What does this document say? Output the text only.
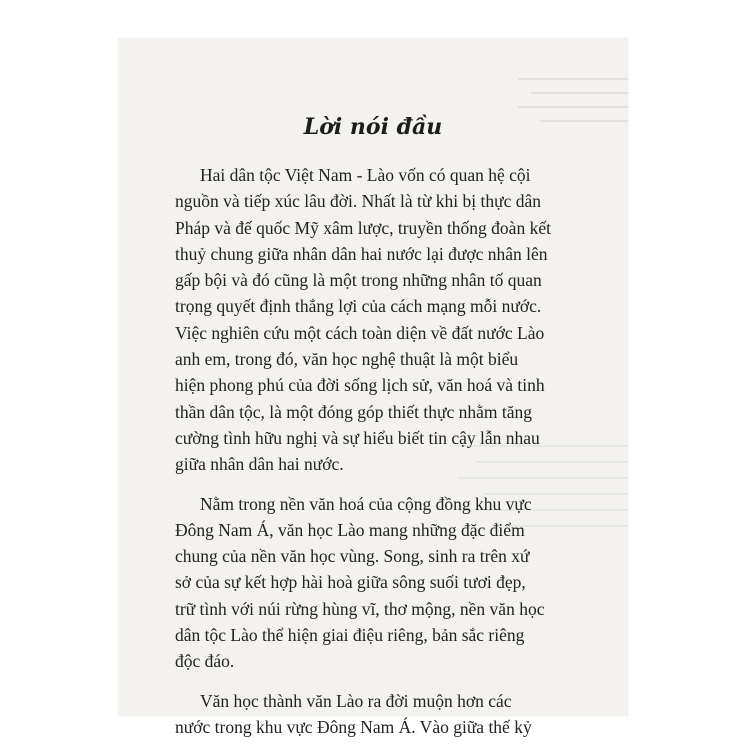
Lời nói đầu
Hai dân tộc Việt Nam - Lào vốn có quan hệ cội
nguồn và tiếp xúc lâu đời. Nhất là từ khi bị thực dân
Pháp và đế quốc Mỹ xâm lược, truyền thống đoàn kết
thuỷ chung giữa nhân dân hai nước lại được nhân lên
gấp bội và đó cũng là một trong những nhân tố quan
trọng quyết định thắng lợi của cách mạng mỗi nước.
Việc nghiên cứu một cách toàn diện về đất nước Lào
anh em, trong đó, văn học nghệ thuật là một biểu
hiện phong phú của đời sống lịch sử, văn hoá và tinh
thần dân tộc, là một đóng góp thiết thực nhằm tăng
cường tình hữu nghị và sự hiểu biết tin cậy lẫn nhau
giữa nhân dân hai nước.
Nằm trong nền văn hoá của cộng đồng khu vực
Đông Nam Á, văn học Lào mang những đặc điểm
chung của nền văn học vùng. Song, sinh ra trên xứ
sở của sự kết hợp hài hoà giữa sông suối tươi đẹp,
trữ tình với núi rừng hùng vĩ, thơ mộng, nền văn học
dân tộc Lào thể hiện giai điệu riêng, bản sắc riêng
độc đáo.
Văn học thành văn Lào ra đời muộn hơn các
nước trong khu vực Đông Nam Á. Vào giữa thế kỷ
